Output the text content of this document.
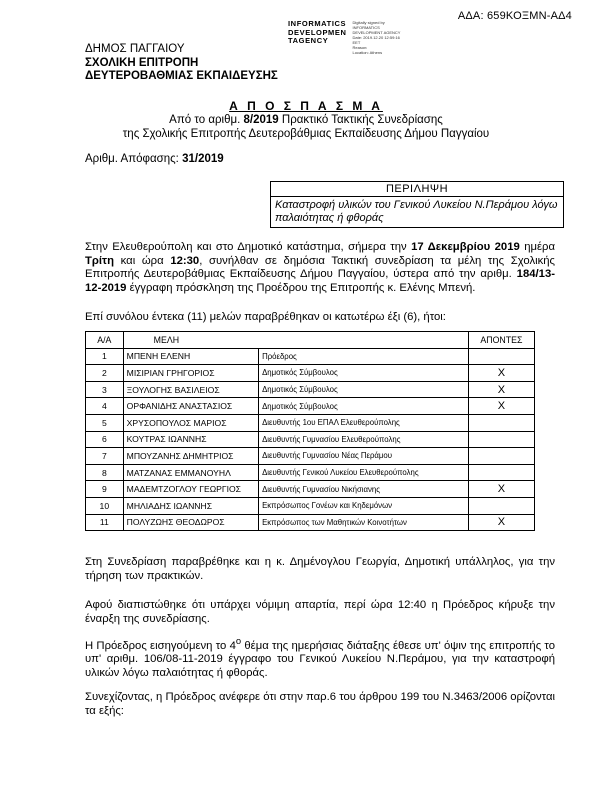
ΑΔΑ: 659ΚΟΞΜΝ-ΑΔ4
INFORMATICS
DEVELOPMEN
TAGENCY
Digitally signed by
INFORMATICS
DEVELOPMENT AGENCY
Date: 2019.12.20 12:59:16
EET
Reason:
Location: Athens
ΔΗΜΟΣ ΠΑΓΓΑΙΟΥ
ΣΧΟΛΙΚΗ ΕΠΙΤΡΟΠΗ
ΔΕΥΤΕΡΟΒΑΘΜΙΑΣ ΕΚΠΑΙΔΕΥΣΗΣ
Α Π Ο Σ Π Α Σ Μ Α
Από το αριθμ. 8/2019 Πρακτικό Τακτικής Συνεδρίασης
της Σχολικής Επιτροπής Δευτεροβάθμιας Εκπαίδευσης Δήμου Παγγαίου
Αριθμ. Απόφασης: 31/2019
ΠΕΡΙΛΗΨΗ
Καταστροφή υλικών του Γενικού Λυκείου Ν.Περάμου λόγω παλαιότητας ή φθοράς
Στην Ελευθερούπολη και στο Δημοτικό κατάστημα, σήμερα την 17 Δεκεμβρίου 2019 ημέρα Τρίτη και ώρα 12:30, συνήλθαν σε δημόσια Τακτική συνεδρίαση τα μέλη της Σχολικής Επιτροπής Δευτεροβάθμιας Εκπαίδευσης Δήμου Παγγαίου, ύστερα από την αριθμ. 184/13-12-2019 έγγραφη πρόσκληση της Προέδρου της Επιτροπής κ. Ελένης Μπενή.
Επί συνόλου έντεκα (11) μελών παραβρέθηκαν οι κατωτέρω έξι (6), ήτοι:
Α/Α	ΜΕΛΗ		ΑΠΟΝΤΕΣ
1	ΜΠΕΝΗ ΕΛΕΝΗ	Πρόεδρος	
2	ΜΙΣΙΡΙΑΝ ΓΡΗΓΟΡΙΟΣ	Δημοτικός Σύμβουλος	Χ
3	ΞΟΥΛΟΓΗΣ ΒΑΣΙΛΕΙΟΣ	Δημοτικός Σύμβουλος	Χ
4	ΟΡΦΑΝΙΔΗΣ ΑΝΑΣΤΑΣΙΟΣ	Δημοτικός Σύμβουλος	Χ
5	ΧΡΥΣΟΠΟΥΛΟΣ ΜΑΡΙΟΣ	Διευθυντής 1ου ΕΠΑΛ Ελευθερούπολης	
6	ΚΟΥΤΡΑΣ ΙΩΑΝΝΗΣ	Διευθυντής Γυμνασίου Ελευθερούπολης	
7	ΜΠΟΥΖΑΝΗΣ ΔΗΜΗΤΡΙΟΣ	Διευθυντής Γυμνασίου Νέας Περάμου	
8	ΜΑΤΖΑΝΑΣ ΕΜΜΑΝΟΥΗΛ	Διευθυντής Γενικού Λυκείου Ελευθερούπολης	
9	ΜΑΔΕΜΤΖΟΓΛΟΥ ΓΕΩΡΓΙΟΣ	Διευθυντής Γυμνασίου Νικήσιανης	Χ
10	ΜΗΛΙΑΔΗΣ ΙΩΑΝΝΗΣ	Εκπρόσωπος Γονέων και Κηδεμόνων	
11	ΠΟΛΥΖΩΗΣ ΘΕΟΔΩΡΟΣ	Εκπρόσωπος των Μαθητικών Κοινοτήτων	Χ
Στη Συνεδρίαση παραβρέθηκε και η κ. Δημένογλου Γεωργία, Δημοτική υπάλληλος, για την τήρηση των πρακτικών.
Αφού διαπιστώθηκε ότι υπάρχει νόμιμη απαρτία, περί ώρα 12:40 η Πρόεδρος κήρυξε την έναρξη της συνεδρίασης.
Η Πρόεδρος εισηγούμενη το $4^o$ θέμα της ημερήσιας διάταξης έθεσε υπ' όψιν της επιτροπής το υπ' αριθμ. 106/08-11-2019 έγγραφο του Γενικού Λυκείου Ν.Περάμου, για την καταστροφή υλικών λόγω παλαιότητας ή φθοράς.
Συνεχίζοντας, η Πρόεδρος ανέφερε ότι στην παρ.6 του άρθρου 199 του Ν.3463/2006 ορίζονται τα εξής:
